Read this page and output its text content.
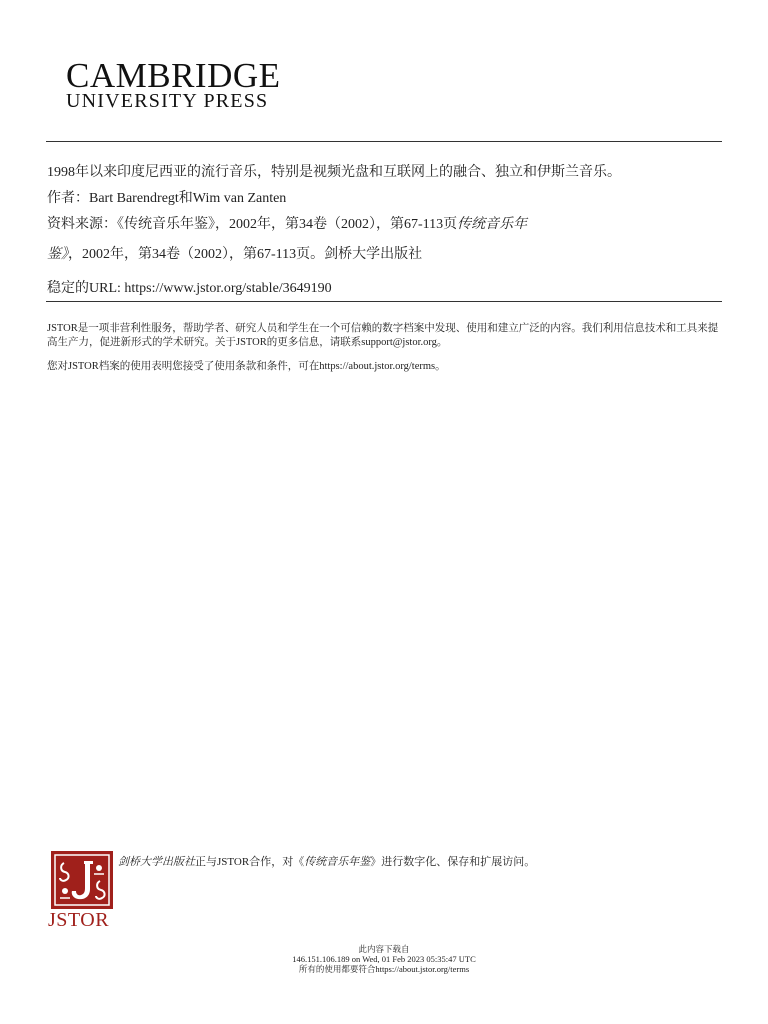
CAMBRIDGE
UNIVERSITY PRESS
1998年以来印度尼西亚的流行音乐，特别是视频光盘和互联网上的融合、独立和伊斯兰音乐。
作者：Bart Barendregt和Wim van Zanten
资料来源：《传统音乐年鉴》，2002年，第34卷（2002），第67-113页传统音乐年
鉴》，2002年，第34卷（2002），第67-113页。剑桥大学出版社
稳定的URL: https://www.jstor.org/stable/3649190
JSTOR是一项非营利性服务，帮助学者、研究人员和学生在一个可信赖的数字档案中发现、使用和建立广泛的内容。我们利用信息技术和工具来提高生产力，促进新形式的学术研究。关于JSTOR的更多信息，请联系support@jstor.org。
您对JSTOR档案的使用表明您接受了使用条款和条件，可在https://about.jstor.org/terms。
JSTOR
剑桥大学出版社正与JSTOR合作，对《传统音乐年鉴》进行数字化、保存和扩展访问。
此内容下载自
146.151.106.189 on Wed, 01 Feb 2023 05:35:47 UTC
所有的使用都要符合https://about.jstor.org/terms
